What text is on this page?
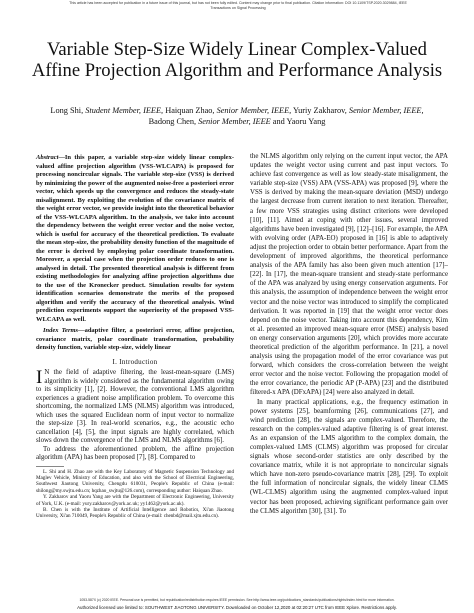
This article has been accepted for publication in a future issue of this journal, but has not been fully edited. Content may change prior to final publication. Citation information: DOI 10.1109/TSP.2020.3029884, IEEE
Transactions on Signal Processing
Variable Step-Size Widely Linear Complex-Valued Affine Projection Algorithm and Performance Analysis
Long Shi, Student Member, IEEE, Haiquan Zhao, Senior Member, IEEE, Yuriy Zakharov, Senior Member, IEEE,
Badong Chen, Senior Member, IEEE and Yaoru Yang

Abstract—In this paper, a variable step-size widely linear complex-valued affine projection algorithm (VSS-WLCAPA) is proposed for processing noncircular signals. The variable step-size (VSS) is derived by minimizing the power of the augmented noise-free a posteriori error vector, which speeds up the convergence and reduces the steady-state misalignment. By exploiting the evolution of the covariance matrix of the weight error vector, we provide insight into the theoretical behavior of the VSS-WLCAPA algorithm. In the analysis, we take into account the dependency between the weight error vector and the noise vector, which is useful for accuracy of the theoretical prediction. To evaluate the mean step-size, the probability density function of the magnitude of the error is derived by employing polar coordinate transformation. Moreover, a special case when the projection order reduces to one is analysed in detail. The presented theoretical analysis is different from existing methodologies for analyzing affine projection algorithms due to the use of the Kronecker product. Simulation results for system identification scenarios demonstrate the merits of the proposed algorithm and verify the accuracy of the theoretical analysis. Wind prediction experiments support the superiority of the proposed VSS-WLCAPA as well.

Index Terms—adaptive filter, a posteriori error, affine projection, covariance matrix, polar coordinate transformation, probability density function, variable step-size, widely linear

I. Introduction

I N the field of adaptive filtering, the least-mean-square (LMS) algorithm is widely considered as the fundamental algorithm owing to its simplicity [1], [2]. However, the conventional LMS algorithm experiences a gradient noise amplification problem. To overcome this shortcoming, the normalized LMS (NLMS) algorithm was introduced, which uses the squared Euclidean norm of input vector to normalize the step-size [3]. In real-world scenarios, e.g., the acoustic echo cancellation [4], [5], the input signals are highly correlated, which slows down the convergence of the LMS and NLMS algorithms [6].

To address the aforementioned problem, the affine projection algorithm (APA) has been proposed [7], [8]. Compared to

L. Shi and H. Zhao are with the Key Laboratory of Magnetic Suspension Technology and Maglev Vehicle, Ministry of Education, and also with the School of Electrical Engineering, Southwest Jiaotong University, Chengdu 610031, People's Republic of China (e-mail: shilong@my.swjtu.edu.cn; hqzhao_swjtu@126.com), corresponding author: Haiquan Zhao.

Y. Zakharov and Yaoru Yang are with the Department of Electronic Engineering, University of York, U.K. (e-mail: yury.zakharov@york.ac.uk; yy1462@york.ac.uk).

B. Chen is with the Institute of Artificial Intelligence and Robotics, Xi'an Jiaotong University, Xi'an 710049, People's Republic of China (e-mail: chenbd@mail.xjtu.edu.cn).

the NLMS algorithm only relying on the current input vector, the APA updates the weight vector using current and past input vectors. To achieve fast convergence as well as low steady-state misalignment, the variable step-size (VSS) APA (VSS-APA) was proposed [9], where the VSS is derived by making the mean-square deviation (MSD) undergo the largest decrease from current iteration to next iteration. Thereafter, a few more VSS strategies using distinct criterions were developed [10], [11]. Aimed at coping with other issues, several improved algorithms have been investigated [9], [12]–[16]. For example, the APA with evolving order (APA-EO) proposed in [16] is able to adaptively adjust the projection order to obtain better performance. Apart from the development of improved algorithms, the theoretical performance analysis of the APA family has also been given much attention [17]–[22]. In [17], the mean-square transient and steady-state performance of the APA was analyzed by using energy conservation arguments. For this analysis, the assumption of independence between the weight error vector and the noise vector was introduced to simplify the complicated derivation. It was reported in [19] that the weight error vector does depend on the noise vector. Taking into account this dependency, Kim et al. presented an improved mean-square error (MSE) analysis based on energy conservation arguments [20], which provides more accurate theoretical prediction of the algorithm performance. In [21], a novel analysis using the propagation model of the error covariance was put forward, which considers the cross-correlation between the weight error vector and the noise vector. Following the propagation model of the error covariance, the periodic AP (P-APA) [23] and the distributed filtered-x APA (DFxAPA) [24] were also analyzed in detail.

In many practical applications, e.g., the frequency estimation in power systems [25], beamforming [26], communications [27], and wind prediction [28], the signals are complex-valued. Therefore, the research on the complex-valued adaptive filtering is of great interest. As an expansion of the LMS algorithm to the complex domain, the complex-valued LMS (CLMS) algorithm was proposed for circular signals whose second-order statistics are only described by the covariance matrix, while it is not appropriate to noncircular signals which have non-zero pseudo-covariance matrix [28], [29]. To exploit the full information of noncircular signals, the widely linear CLMS (WL-CLMS) algorithm using the augmented complex-valued input vector has been proposed, achieving significant performance gain over the CLMS algorithm [30], [31]. To

1053-587X (c) 2020 IEEE. Personal use is permitted, but republication/redistribution requires IEEE permission. See http://www.ieee.org/publications_standards/publications/rights/index.html for more information.
Authorized licensed use limited to: SOUTHWEST JIAOTONG UNIVERSITY. Downloaded on October 12,2020 at 02:20:27 UTC from IEEE Xplore. Restrictions apply.
